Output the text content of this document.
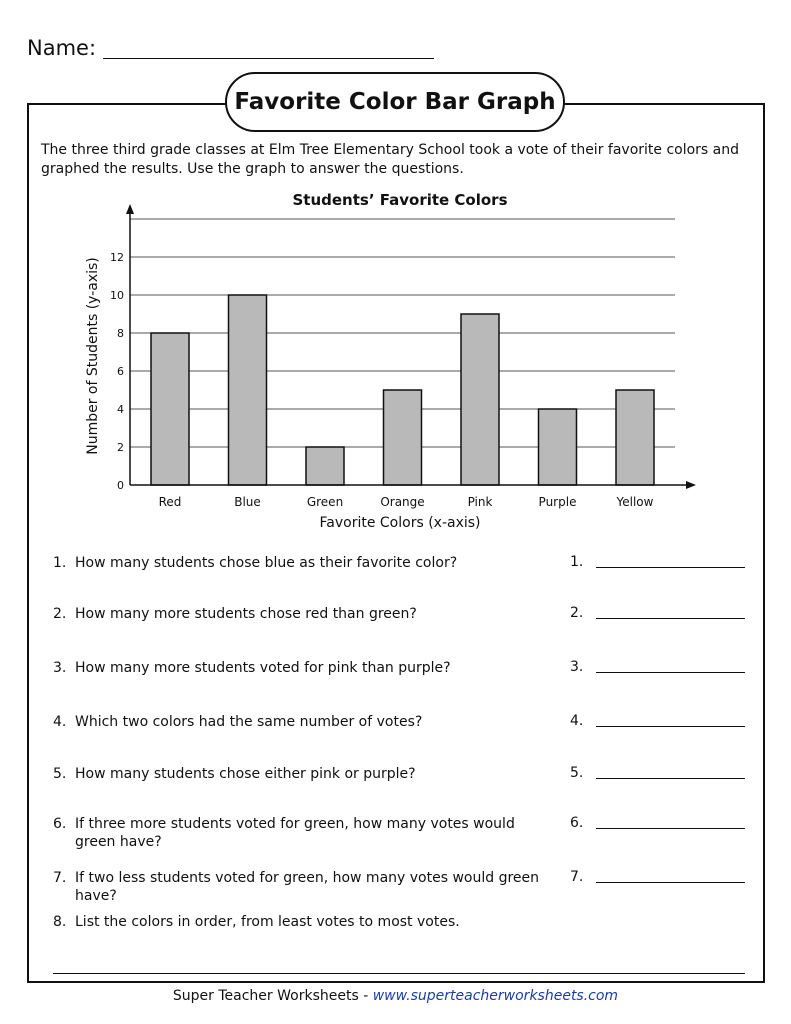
Name:
Favorite Color Bar Graph
The three third grade classes at Elm Tree Elementary School took a vote of their favorite colors and graphed the results. Use the graph to answer the questions.
Students’ Favorite Colors
Number of Students (y-axis)
Favorite Colors (x-axis)
0
2
4
6
8
10
12
Red	Blue	Green	Orange	Pink	Purple	Yellow
1. How many students chose blue as their favorite color?	1.
2. How many more students chose red than green?	2.
3. How many more students voted for pink than purple?	3.
4. Which two colors had the same number of votes?	4.
5. How many students chose either pink or purple?	5.
6. If three more students voted for green, how many votes would green have?
6.
7. If two less students voted for green, how many votes would green have?
7.
8. List the colors in order, from least votes to most votes.
Super Teacher Worksheets - www.superteacherworksheets.com
